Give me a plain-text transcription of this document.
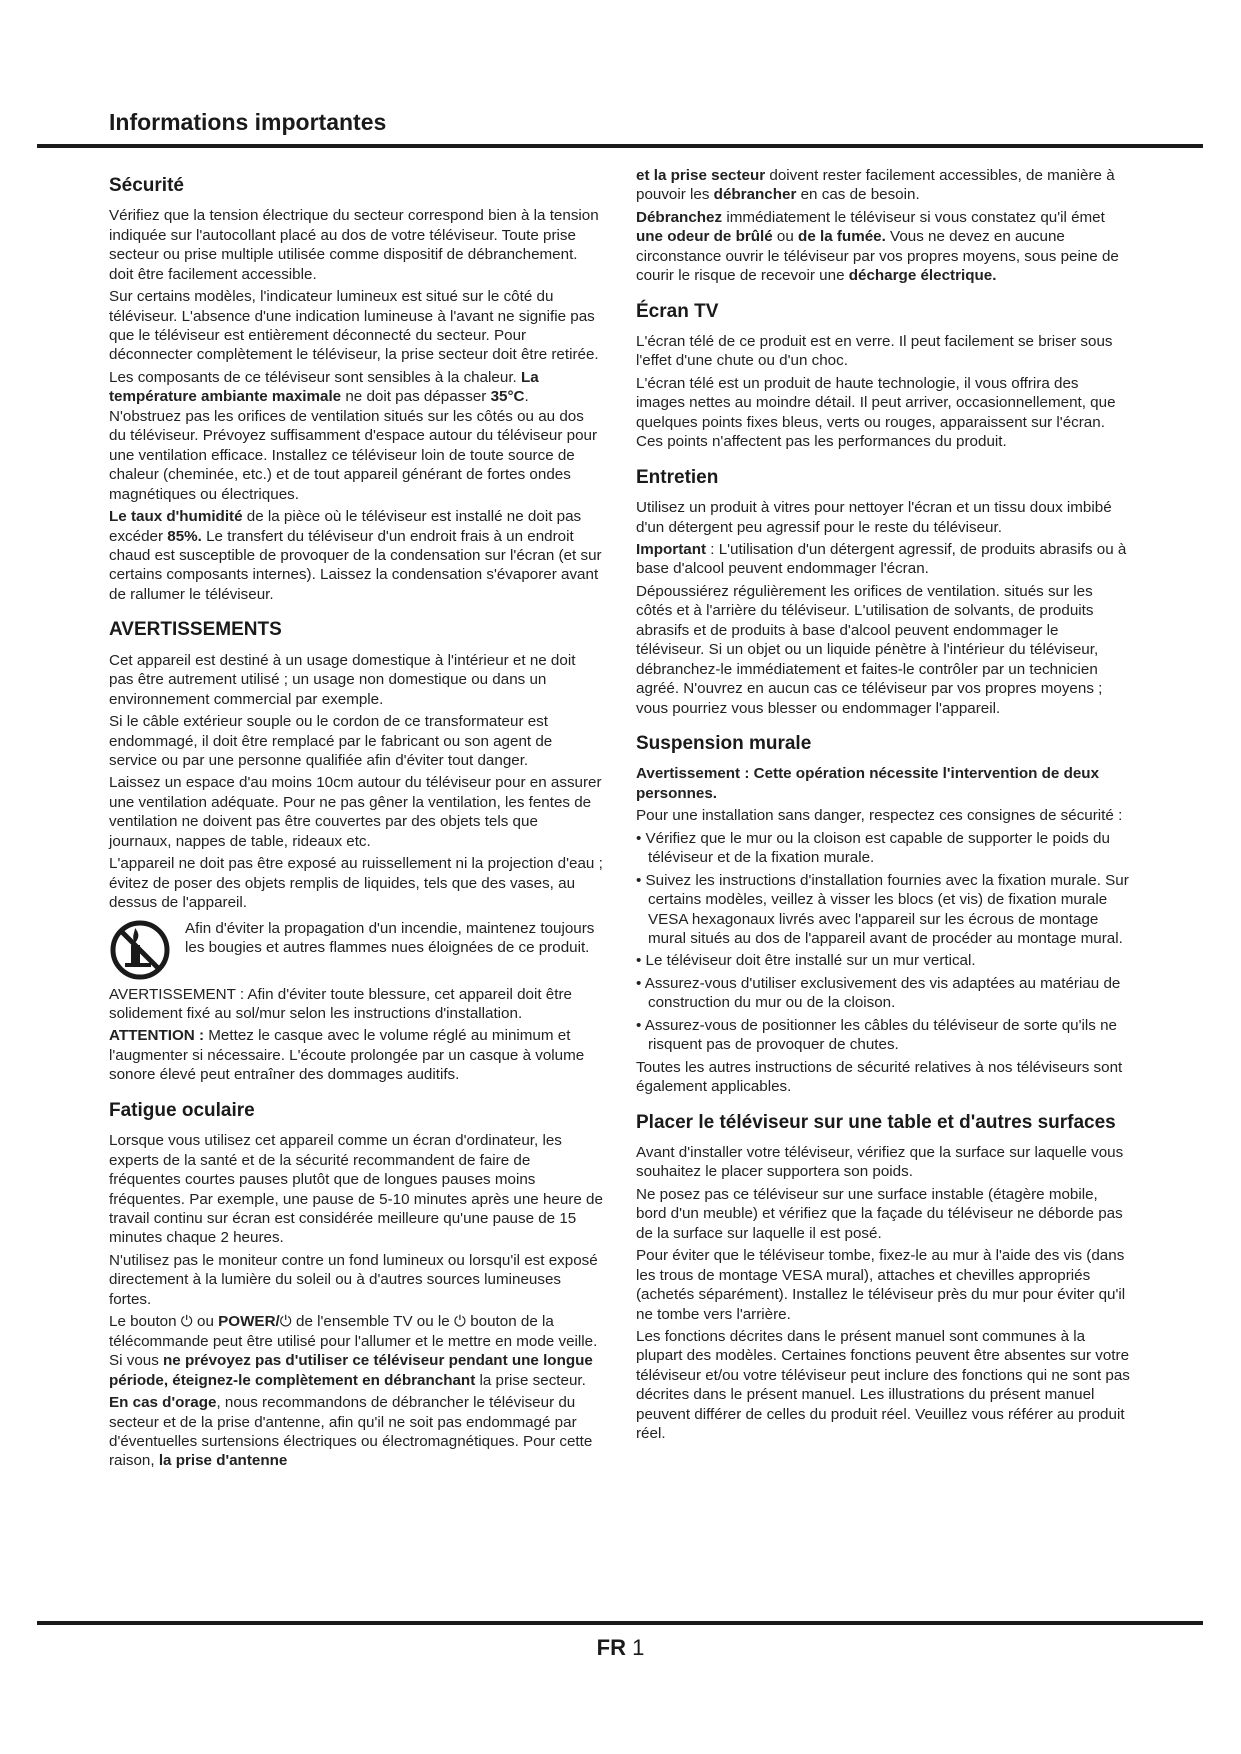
Informations importantes
Sécurité

Vérifiez que la tension électrique du secteur correspond bien à la tension indiquée sur l'autocollant placé au dos de votre téléviseur. Toute prise secteur ou prise multiple utilisée comme dispositif de débranchement. doit être facilement accessible.

Sur certains modèles, l'indicateur lumineux est situé sur le côté du téléviseur. L'absence d'une indication lumineuse à l'avant ne signifie pas que le téléviseur est entièrement déconnecté du secteur. Pour déconnecter complètement le téléviseur, la prise secteur doit être retirée.

Les composants de ce téléviseur sont sensibles à la chaleur. La température ambiante maximale ne doit pas dépasser 35°C. N'obstruez pas les orifices de ventilation situés sur les côtés ou au dos du téléviseur. Prévoyez suffisamment d'espace autour du téléviseur pour une ventilation efficace. Installez ce téléviseur loin de toute source de chaleur (cheminée, etc.) et de tout appareil générant de fortes ondes magnétiques ou électriques.

Le taux d'humidité de la pièce où le téléviseur est installé ne doit pas excéder 85%. Le transfert du téléviseur d'un endroit frais à un endroit chaud est susceptible de provoquer de la condensation sur l'écran (et sur certains composants internes). Laissez la condensation s'évaporer avant de rallumer le téléviseur.

AVERTISSEMENTS

Cet appareil est destiné à un usage domestique à l'intérieur et ne doit pas être autrement utilisé ; un usage non domestique ou dans un environnement commercial par exemple.

Si le câble extérieur souple ou le cordon de ce transformateur est endommagé, il doit être remplacé par le fabricant ou son agent de service ou par une personne qualifiée afin d'éviter tout danger.

Laissez un espace d'au moins 10cm autour du téléviseur pour en assurer une ventilation adéquate. Pour ne pas gêner la ventilation, les fentes de ventilation ne doivent pas être couvertes par des objets tels que journaux, nappes de table, rideaux etc.

L'appareil ne doit pas être exposé au ruissellement ni la projection d'eau ; évitez de poser des objets remplis de liquides, tels que des vases, au dessus de l'appareil.

Afin d'éviter la propagation d'un incendie, maintenez toujours les bougies et autres flammes nues éloignées de ce produit.

AVERTISSEMENT : Afin d'éviter toute blessure, cet appareil doit être solidement fixé au sol/mur selon les instructions d'installation.

ATTENTION : Mettez le casque avec le volume réglé au minimum et l'augmenter si nécessaire. L'écoute prolongée par un casque à volume sonore élevé peut entraîner des dommages auditifs.

Fatigue oculaire

Lorsque vous utilisez cet appareil comme un écran d'ordinateur, les experts de la santé et de la sécurité recommandent de faire de fréquentes courtes pauses plutôt que de longues pauses moins fréquentes. Par exemple, une pause de 5-10 minutes après une heure de travail continu sur écran est considérée meilleure qu'une pause de 15 minutes chaque 2 heures.

N'utilisez pas le moniteur contre un fond lumineux ou lorsqu'il est exposé directement à la lumière du soleil ou à d'autres sources lumineuses fortes.

Le bouton ⏻ ou POWER/⏻ de l'ensemble TV ou le ⏻ bouton de la télécommande peut être utilisé pour l'allumer et le mettre en mode veille. Si vous ne prévoyez pas d'utiliser ce téléviseur pendant une longue période, éteignez-le complètement en débranchant la prise secteur.

En cas d'orage, nous recommandons de débrancher le téléviseur du secteur et de la prise d'antenne, afin qu'il ne soit pas endommagé par d'éventuelles surtensions électriques ou électromagnétiques. Pour cette raison, la prise d'antenne

et la prise secteur doivent rester facilement accessibles, de manière à pouvoir les débrancher en cas de besoin.

Débranchez immédiatement le téléviseur si vous constatez qu'il émet une odeur de brûlé ou de la fumée. Vous ne devez en aucune circonstance ouvrir le téléviseur par vos propres moyens, sous peine de courir le risque de recevoir une décharge électrique.

Écran TV

L'écran télé de ce produit est en verre. Il peut facilement se briser sous l'effet d'une chute ou d'un choc.

L'écran télé est un produit de haute technologie, il vous offrira des images nettes au moindre détail. Il peut arriver, occasionnellement, que quelques points fixes bleus, verts ou rouges, apparaissent sur l'écran. Ces points n'affectent pas les performances du produit.

Entretien

Utilisez un produit à vitres pour nettoyer l'écran et un tissu doux imbibé d'un détergent peu agressif pour le reste du téléviseur.

Important : L'utilisation d'un détergent agressif, de produits abrasifs ou à base d'alcool peuvent endommager l'écran.

Dépoussiérez régulièrement les orifices de ventilation. situés sur les côtés et à l'arrière du téléviseur. L'utilisation de solvants, de produits abrasifs et de produits à base d'alcool peuvent endommager le téléviseur. Si un objet ou un liquide pénètre à l'intérieur du téléviseur, débranchez-le immédiatement et faites-le contrôler par un technicien agréé. N'ouvrez en aucun cas ce téléviseur par vos propres moyens ; vous pourriez vous blesser ou endommager l'appareil.

Suspension murale

Avertissement : Cette opération nécessite l'intervention de deux personnes.

Pour une installation sans danger, respectez ces consignes de sécurité :

• Vérifiez que le mur ou la cloison est capable de supporter le poids du téléviseur et de la fixation murale.

• Suivez les instructions d'installation fournies avec la fixation murale. Sur certains modèles, veillez à visser les blocs (et vis) de fixation murale VESA hexagonaux livrés avec l'appareil sur les écrous de montage mural situés au dos de l'appareil avant de procéder au montage mural.

• Le téléviseur doit être installé sur un mur vertical.

• Assurez-vous d'utiliser exclusivement des vis adaptées au matériau de construction du mur ou de la cloison.

• Assurez-vous de positionner les câbles du téléviseur de sorte qu'ils ne risquent pas de provoquer de chutes.

Toutes les autres instructions de sécurité relatives à nos téléviseurs sont également applicables.

Placer le téléviseur sur une table et d'autres surfaces

Avant d'installer votre téléviseur, vérifiez que la surface sur laquelle vous souhaitez le placer supportera son poids.

Ne posez pas ce téléviseur sur une surface instable (étagère mobile, bord d'un meuble) et vérifiez que la façade du téléviseur ne déborde pas de la surface sur laquelle il est posé.

Pour éviter que le téléviseur tombe, fixez-le au mur à l'aide des vis (dans les trous de montage VESA mural), attaches et chevilles appropriés (achetés séparément). Installez le téléviseur près du mur pour éviter qu'il ne tombe vers l'arrière.

Les fonctions décrites dans le présent manuel sont communes à la plupart des modèles. Certaines fonctions peuvent être absentes sur votre téléviseur et/ou votre téléviseur peut inclure des fonctions qui ne sont pas décrites dans le présent manuel. Les illustrations du présent manuel peuvent différer de celles du produit réel. Veuillez vous référer au produit réel.

FR 1
